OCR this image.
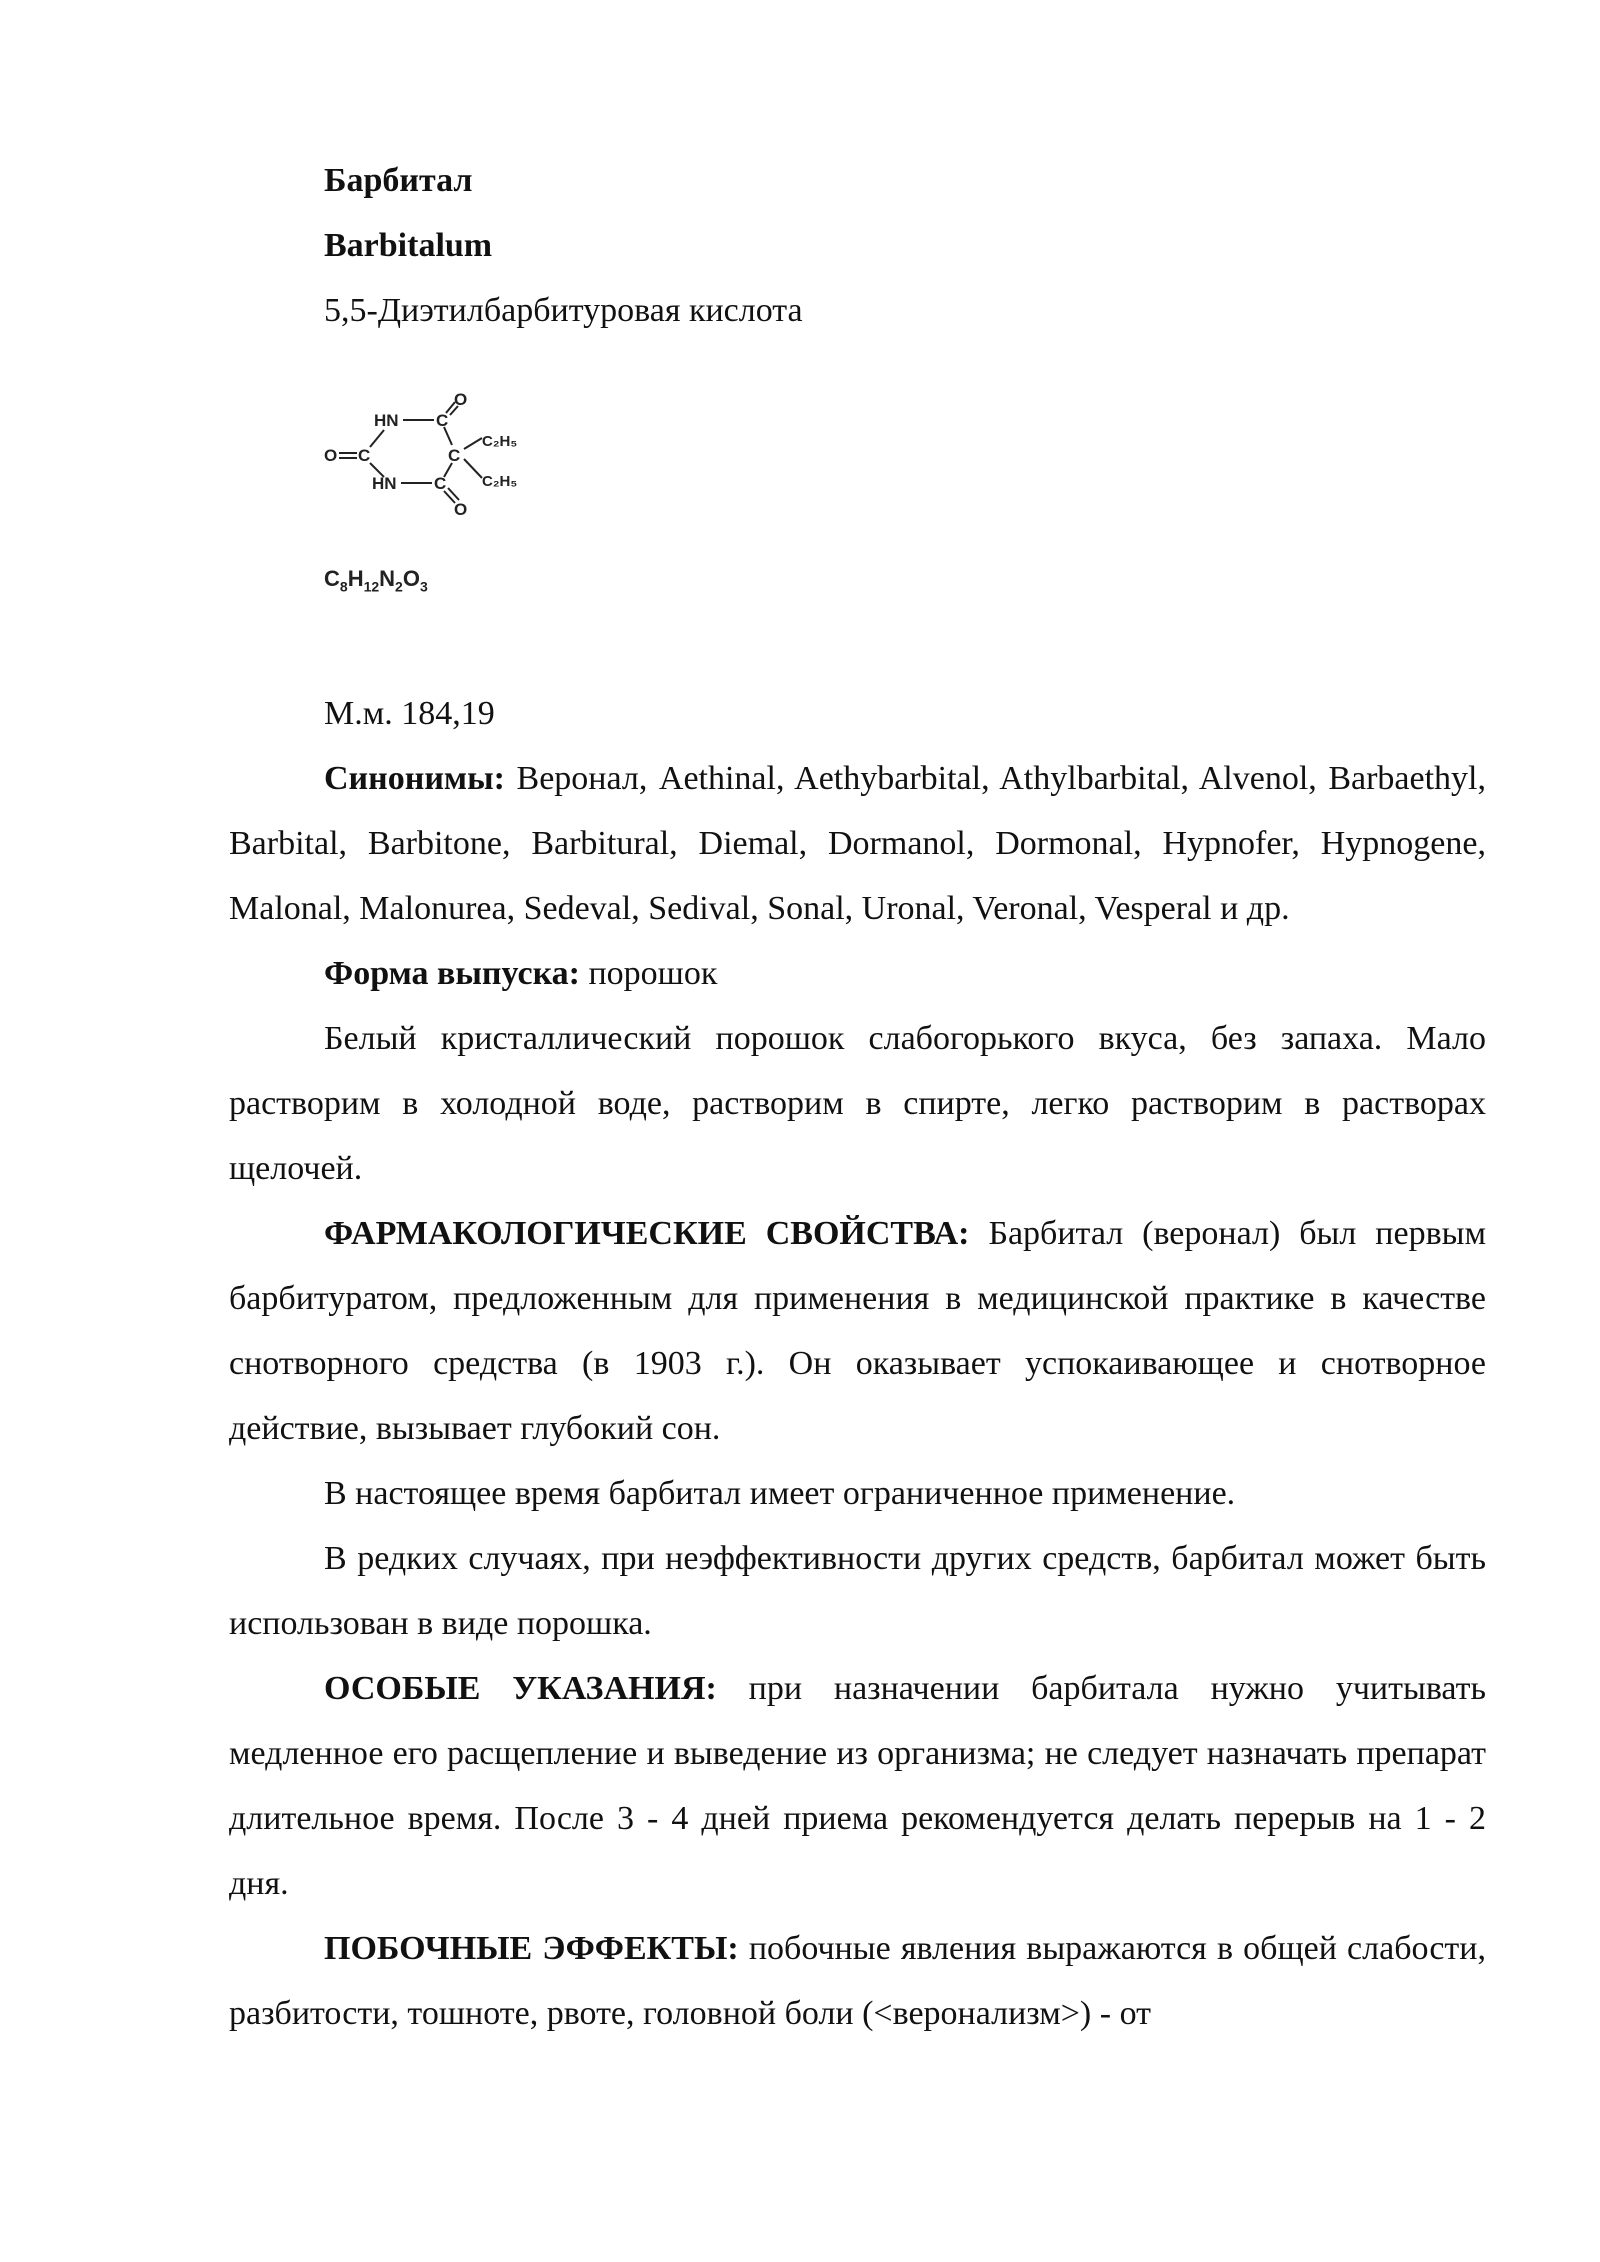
Барбитал

Barbitalum

5,5-Диэтилбарбитуровая кислота

HN C
O
O C	C
C₂H₅
C₂H₅
HN C
O
$C_8H_{12}N_2O_3$

М.м. 184,19

Синонимы: Веронал, Aethinal, Aethybarbital, Athylbarbital, Alvenol, Barbaethyl, Barbital, Barbitone, Barbitural, Diemal, Dormanol, Dormonal, Hypnofer, Hypnogene, Malonal, Malonurea, Sedeval, Sedival, Sonal, Uronal, Veronal, Vesperal и др.

Форма выпуска: порошок

Белый кристаллический порошок слабогорького вкуса, без запаха. Мало растворим в холодной воде, растворим в спирте, легко растворим в растворах щелочей.

ФАРМАКОЛОГИЧЕСКИЕ СВОЙСТВА: Барбитал (веронал) был первым барбитуратом, предложенным для применения в медицинской практике в качестве снотворного средства (в 1903 г.). Он оказывает успокаивающее и снотворное действие, вызывает глубокий сон.

В настоящее время барбитал имеет ограниченное применение.

В редких случаях, при неэффективности других средств, барбитал может быть использован в виде порошка.

ОСОБЫЕ УКАЗАНИЯ: при назначении барбитала нужно учитывать медленное его расщепление и выведение из организма; не следует назначать препарат длительное время. После 3 - 4 дней приема рекомендуется делать перерыв на 1 - 2 дня.

ПОБОЧНЫЕ ЭФФЕКТЫ: побочные явления выражаются в общей слабости, разбитости, тошноте, рвоте, головной боли (<веронализм>) - от
